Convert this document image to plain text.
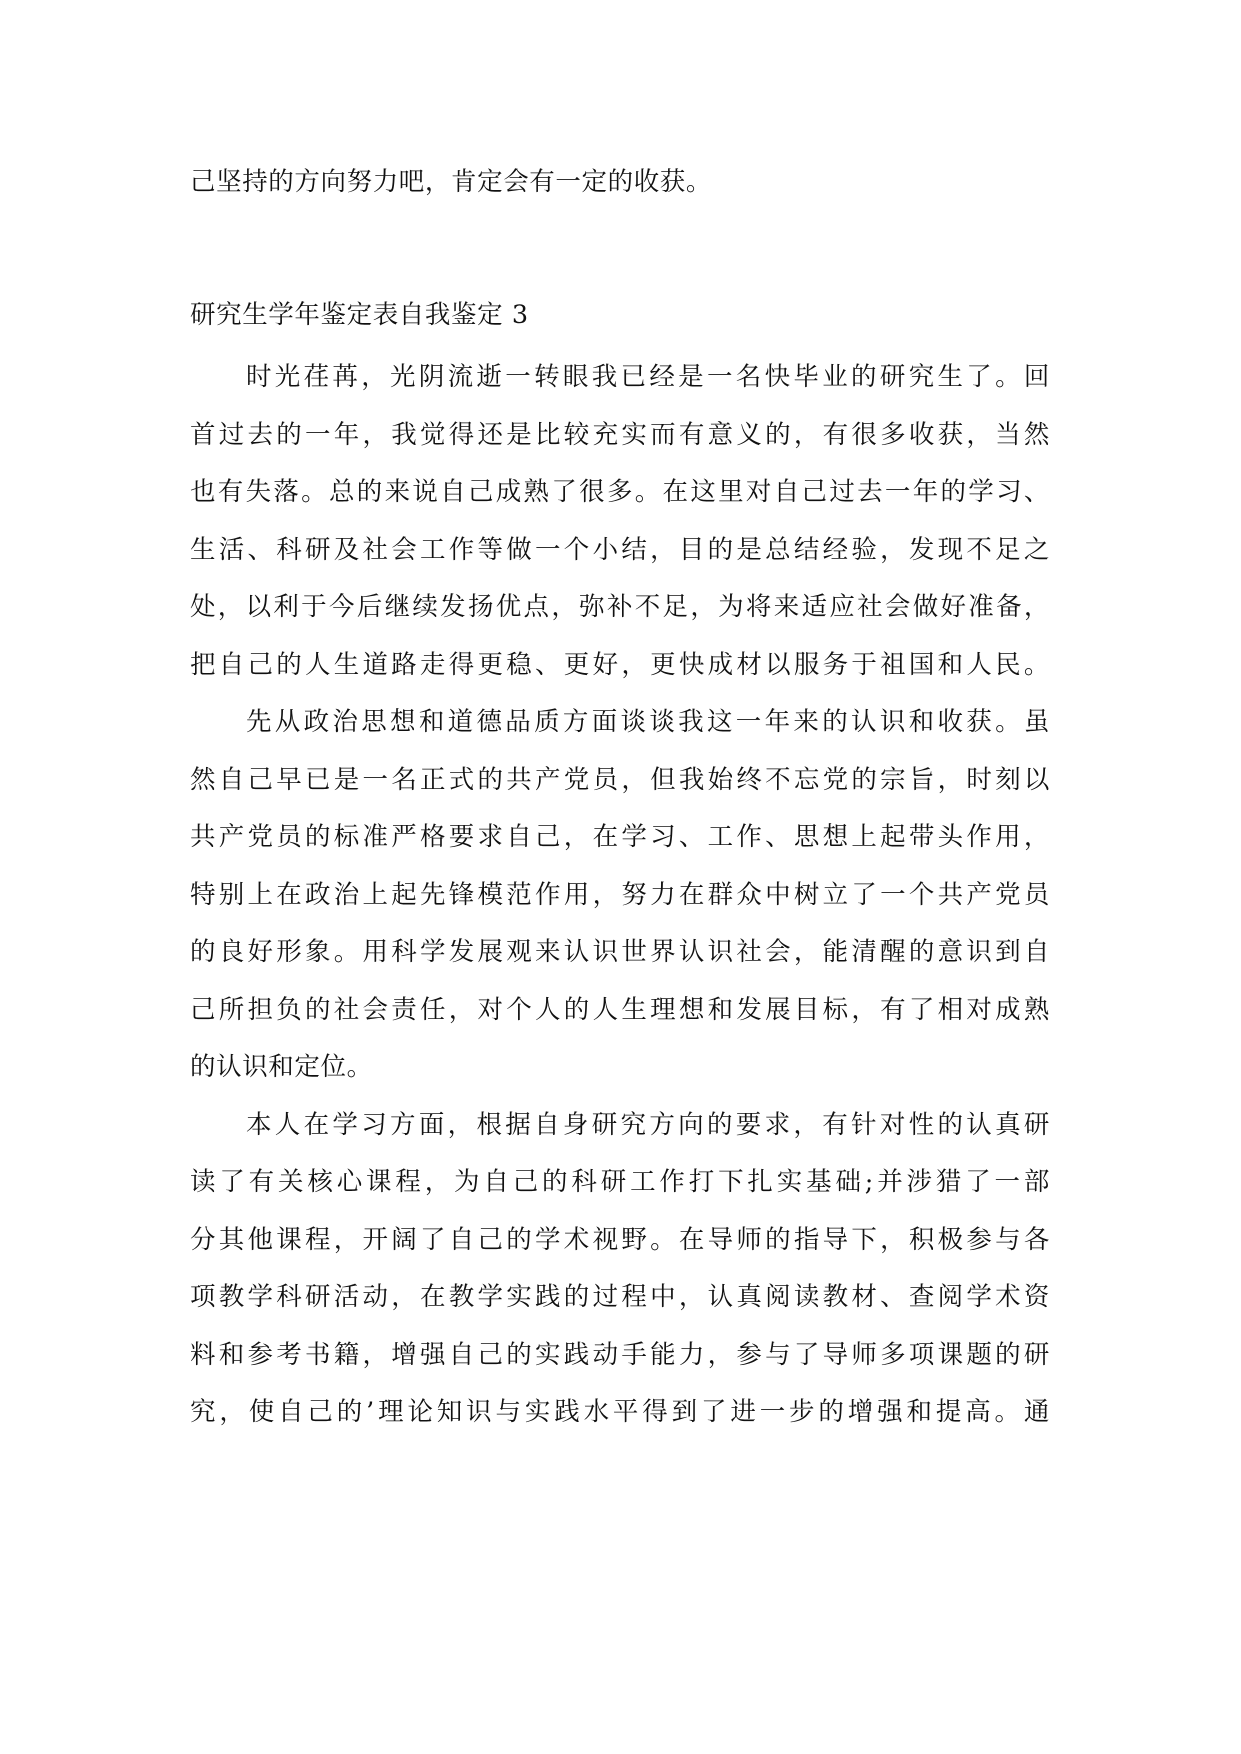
己坚持的方向努力吧，肯定会有一定的收获。
研究生学年鉴定表自我鉴定 3
时光荏苒，光阴流逝一转眼我已经是一名快毕业的研究生了。回
首过去的一年，我觉得还是比较充实而有意义的，有很多收获，当然
也有失落。总的来说自己成熟了很多。在这里对自己过去一年的学习、
生活、科研及社会工作等做一个小结，目的是总结经验，发现不足之
处，以利于今后继续发扬优点，弥补不足，为将来适应社会做好准备，
把自己的人生道路走得更稳、更好，更快成材以服务于祖国和人民。
先从政治思想和道德品质方面谈谈我这一年来的认识和收获。虽
然自己早已是一名正式的共产党员，但我始终不忘党的宗旨，时刻以
共产党员的标准严格要求自己，在学习、工作、思想上起带头作用，
特别上在政治上起先锋模范作用，努力在群众中树立了一个共产党员
的良好形象。用科学发展观来认识世界认识社会，能清醒的意识到自
己所担负的社会责任，对个人的人生理想和发展目标，有了相对成熟
的认识和定位。
本人在学习方面，根据自身研究方向的要求，有针对性的认真研
读了有关核心课程，为自己的科研工作打下扎实基础;并涉猎了一部
分其他课程，开阔了自己的学术视野。在导师的指导下，积极参与各
项教学科研活动，在教学实践的过程中，认真阅读教材、查阅学术资
料和参考书籍，增强自己的实践动手能力，参与了导师多项课题的研
究，使自己的’理论知识与实践水平得到了进一步的增强和提高。通
